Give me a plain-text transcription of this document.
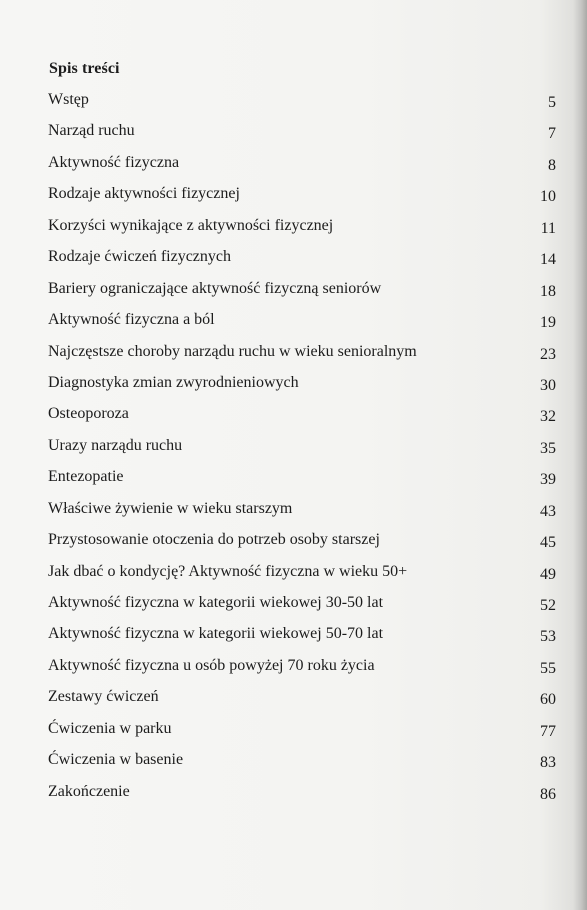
Spis treści
Wstęp	5
Narząd ruchu	7
Aktywność fizyczna	8
Rodzaje aktywności fizycznej	10
Korzyści wynikające z aktywności fizycznej	11
Rodzaje ćwiczeń fizycznych	14
Bariery ograniczające aktywność fizyczną seniorów	18
Aktywność fizyczna a ból	19
Najczęstsze choroby narządu ruchu w wieku senioralnym	23
Diagnostyka zmian zwyrodnieniowych	30
Osteoporoza	32
Urazy narządu ruchu	35
Entezopatie	39
Właściwe żywienie w wieku starszym	43
Przystosowanie otoczenia do potrzeb osoby starszej	45
Jak dbać o kondycję? Aktywność fizyczna w wieku 50+	49
Aktywność fizyczna w kategorii wiekowej 30-50 lat	52
Aktywność fizyczna w kategorii wiekowej 50-70 lat	53
Aktywność fizyczna u osób powyżej 70 roku życia	55
Zestawy ćwiczeń	60
Ćwiczenia w parku	77
Ćwiczenia w basenie	83
Zakończenie	86
